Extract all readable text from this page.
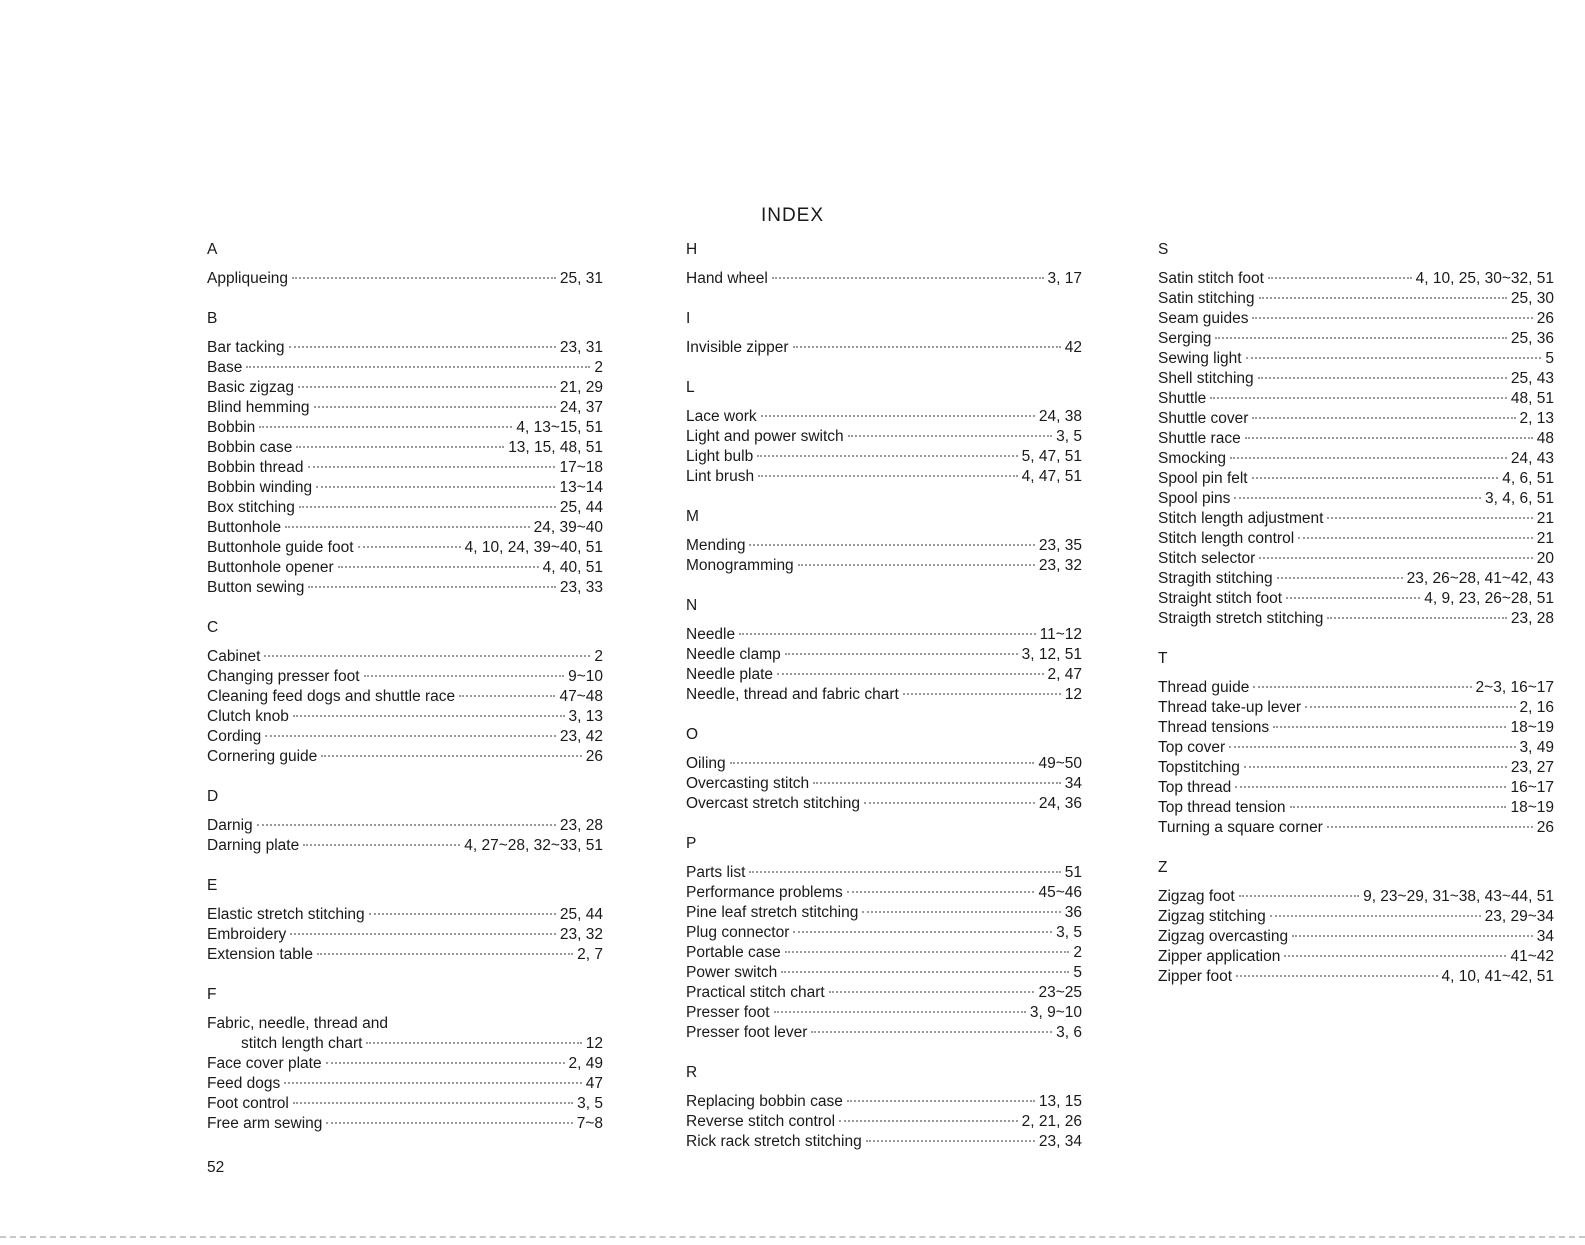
INDEX
A
Appliqueing	25, 31
B
Bar tacking	23, 31
Base	2
Basic zigzag	21, 29
Blind hemming	24, 37
Bobbin	4, 13~15, 51
Bobbin case	13, 15, 48, 51
Bobbin thread	17~18
Bobbin winding	13~14
Box stitching	25, 44
Buttonhole	24, 39~40
Buttonhole guide foot	4, 10, 24, 39~40, 51
Buttonhole opener	4, 40, 51
Button sewing	23, 33
C
Cabinet	2
Changing presser foot	9~10
Cleaning feed dogs and shuttle race	47~48
Clutch knob	3, 13
Cording	23, 42
Cornering guide	26
D
Darnig	23, 28
Darning plate	4, 27~28, 32~33, 51
E
Elastic stretch stitching	25, 44
Embroidery	23, 32
Extension table	2, 7
F
Fabric, needle, thread and
stitch length chart	12
Face cover plate	2, 49
Feed dogs	47
Foot control	3, 5
Free arm sewing	7~8
H
Hand wheel	3, 17
I
Invisible zipper	42
L
Lace work	24, 38
Light and power switch	3, 5
Light bulb	5, 47, 51
Lint brush	4, 47, 51
M
Mending	23, 35
Monogramming	23, 32
N
Needle	11~12
Needle clamp	3, 12, 51
Needle plate	2, 47
Needle, thread and fabric chart	12
O
Oiling	49~50
Overcasting stitch	34
Overcast stretch stitching	24, 36
P
Parts list	51
Performance problems	45~46
Pine leaf stretch stitching	36
Plug connector	3, 5
Portable case	2
Power switch	5
Practical stitch chart	23~25
Presser foot	3, 9~10
Presser foot lever	3, 6
R
Replacing bobbin case	13, 15
Reverse stitch control	2, 21, 26
Rick rack stretch stitching	23, 34
S
Satin stitch foot	4, 10, 25, 30~32, 51
Satin stitching	25, 30
Seam guides	26
Serging	25, 36
Sewing light	5
Shell stitching	25, 43
Shuttle	48, 51
Shuttle cover	2, 13
Shuttle race	48
Smocking	24, 43
Spool pin felt	4, 6, 51
Spool pins	3, 4, 6, 51
Stitch length adjustment	21
Stitch length control	21
Stitch selector	20
Stragith stitching	23, 26~28, 41~42, 43
Straight stitch foot	4, 9, 23, 26~28, 51
Straigth stretch stitching	23, 28
T
Thread guide	2~3, 16~17
Thread take-up lever	2, 16
Thread tensions	18~19
Top cover	3, 49
Topstitching	23, 27
Top thread	16~17
Top thread tension	18~19
Turning a square corner	26
Z
Zigzag foot	9, 23~29, 31~38, 43~44, 51
Zigzag stitching	23, 29~34
Zigzag overcasting	34
Zipper application	41~42
Zipper foot	4, 10, 41~42, 51
52
